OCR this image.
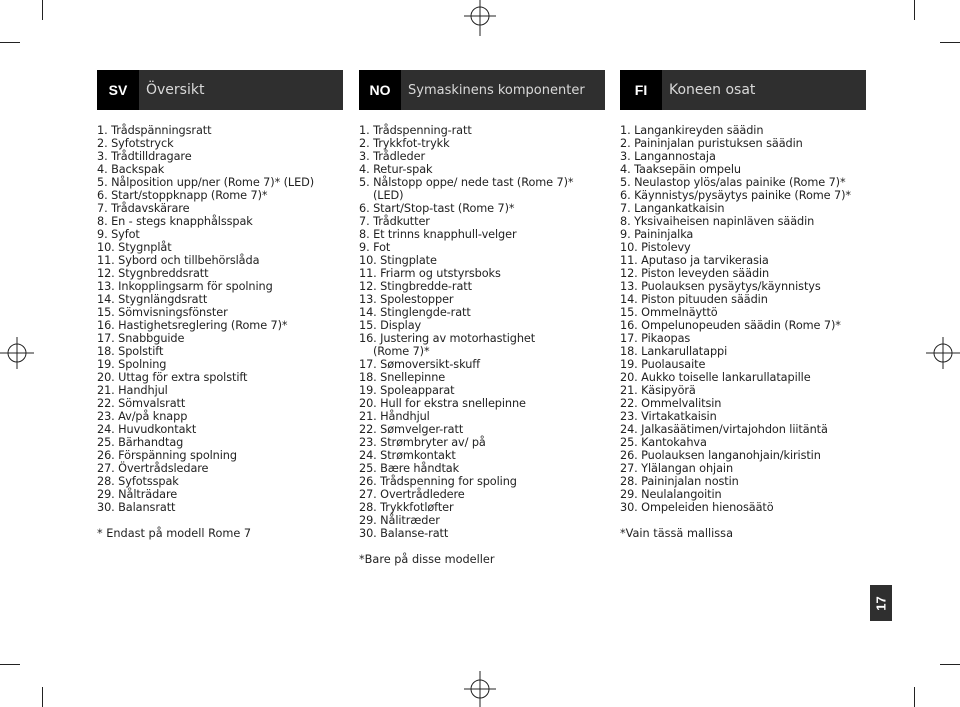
SV	Översikt
1. Trådspänningsratt
2. Syfotstryck
3. Trådtilldragare
4. Backspak
5. Nålposition upp/ner (Rome 7)* (LED)
6. Start/stoppknapp (Rome 7)*
7. Trådavskärare
8. En - stegs knapphålsspak
9. Syfot
10. Stygnplåt
11. Sybord och tillbehörslåda
12. Stygnbreddsratt
13. Inkopplingsarm för spolning
14. Stygnlängdsratt
15. Sömvisningsfönster
16. Hastighetsreglering (Rome 7)*
17. Snabbguide
18. Spolstift
19. Spolning
20. Uttag för extra spolstift
21. Handhjul
22. Sömvalsratt
23. Av/på knapp
24. Huvudkontakt
25. Bärhandtag
26. Förspänning spolning
27. Övertrådsledare
28. Syfotsspak
29. Nålträdare
30. Balansratt
* Endast på modell Rome 7
NO	Symaskinens komponenter
1. Trådspenning-ratt
2. Trykkfot-trykk
3. Trådleder
4. Retur-spak
5. Nålstopp oppe/ nede tast (Rome 7)*
(LED)
6. Start/Stop-tast (Rome 7)*
7. Trådkutter
8. Et trinns knapphull-velger
9. Fot
10. Stingplate
11. Friarm og utstyrsboks
12. Stingbredde-ratt
13. Spolestopper
14. Stinglengde-ratt
15. Display
16. Justering av motorhastighet
(Rome 7)*
17. Sømoversikt-skuff
18. Snellepinne
19. Spoleapparat
20. Hull for ekstra snellepinne
21. Håndhjul
22. Sømvelger-ratt
23. Strømbryter av/ på
24. Strømkontakt
25. Bære håndtak
26. Trådspenning for spoling
27. Overtrådledere
28. Trykkfotløfter
29. Nålitræder
30. Balanse-ratt
*Bare på disse modeller
FI	Koneen osat
1. Langankireyden säädin
2. Paininjalan puristuksen säädin
3. Langannostaja
4. Taaksepäin ompelu
5. Neulastop ylös/alas painike (Rome 7)*
6. Käynnistys/pysäytys painike (Rome 7)*
7. Langankatkaisin
8. Yksivaiheisen napinläven säädin
9. Paininjalka
10. Pistolevy
11. Aputaso ja tarvikerasia
12. Piston leveyden säädin
13. Puolauksen pysäytys/käynnistys
14. Piston pituuden säädin
15. Ommelnäyttö
16. Ompelunopeuden säädin (Rome 7)*
17. Pikaopas
18. Lankarullatappi
19. Puolausaite
20. Aukko toiselle lankarullatapille
21. Käsipyörä
22. Ommelvalitsin
23. Virtakatkaisin
24. Jalkasäätimen/virtajohdon liitäntä
25. Kantokahva
26. Puolauksen langanohjain/kiristin
27. Ylälangan ohjain
28. Paininjalan nostin
29. Neulalangoitin
30. Ompeleiden hienosäätö
*Vain tässä mallissa
17
